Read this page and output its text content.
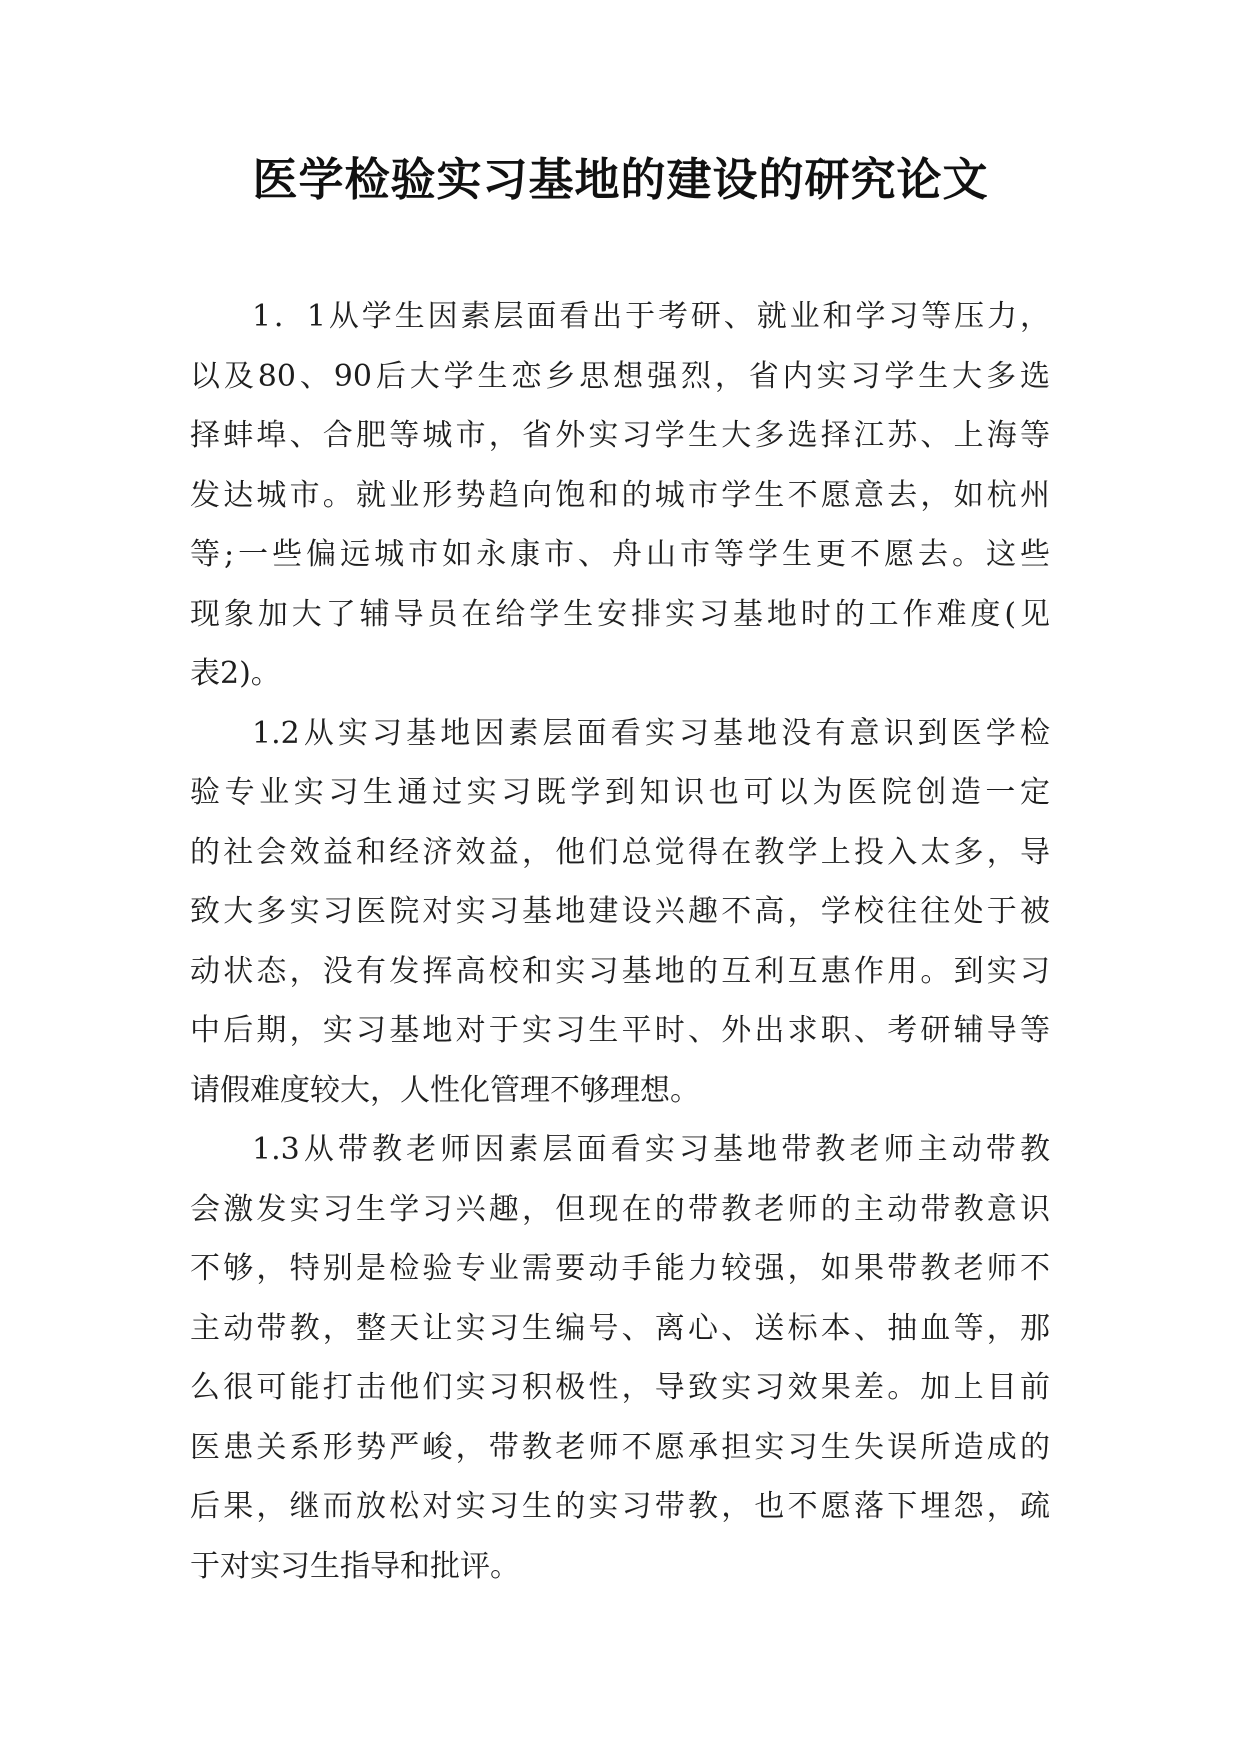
医学检验实习基地的建设的研究论文
1．1从学生因素层面看出于考研、就业和学习等压力，
以及80、90后大学生恋乡思想强烈，省内实习学生大多选
择蚌埠、合肥等城市，省外实习学生大多选择江苏、上海等
发达城市。就业形势趋向饱和的城市学生不愿意去，如杭州
等;一些偏远城市如永康市、舟山市等学生更不愿去。这些
现象加大了辅导员在给学生安排实习基地时的工作难度(见
表2)。
1.2从实习基地因素层面看实习基地没有意识到医学检
验专业实习生通过实习既学到知识也可以为医院创造一定
的社会效益和经济效益，他们总觉得在教学上投入太多，导
致大多实习医院对实习基地建设兴趣不高，学校往往处于被
动状态，没有发挥高校和实习基地的互利互惠作用。到实习
中后期，实习基地对于实习生平时、外出求职、考研辅导等
请假难度较大，人性化管理不够理想。
1.3从带教老师因素层面看实习基地带教老师主动带教
会激发实习生学习兴趣，但现在的带教老师的主动带教意识
不够，特别是检验专业需要动手能力较强，如果带教老师不
主动带教，整天让实习生编号、离心、送标本、抽血等，那
么很可能打击他们实习积极性，导致实习效果差。加上目前
医患关系形势严峻，带教老师不愿承担实习生失误所造成的
后果，继而放松对实习生的实习带教，也不愿落下埋怨，疏
于对实习生指导和批评。
